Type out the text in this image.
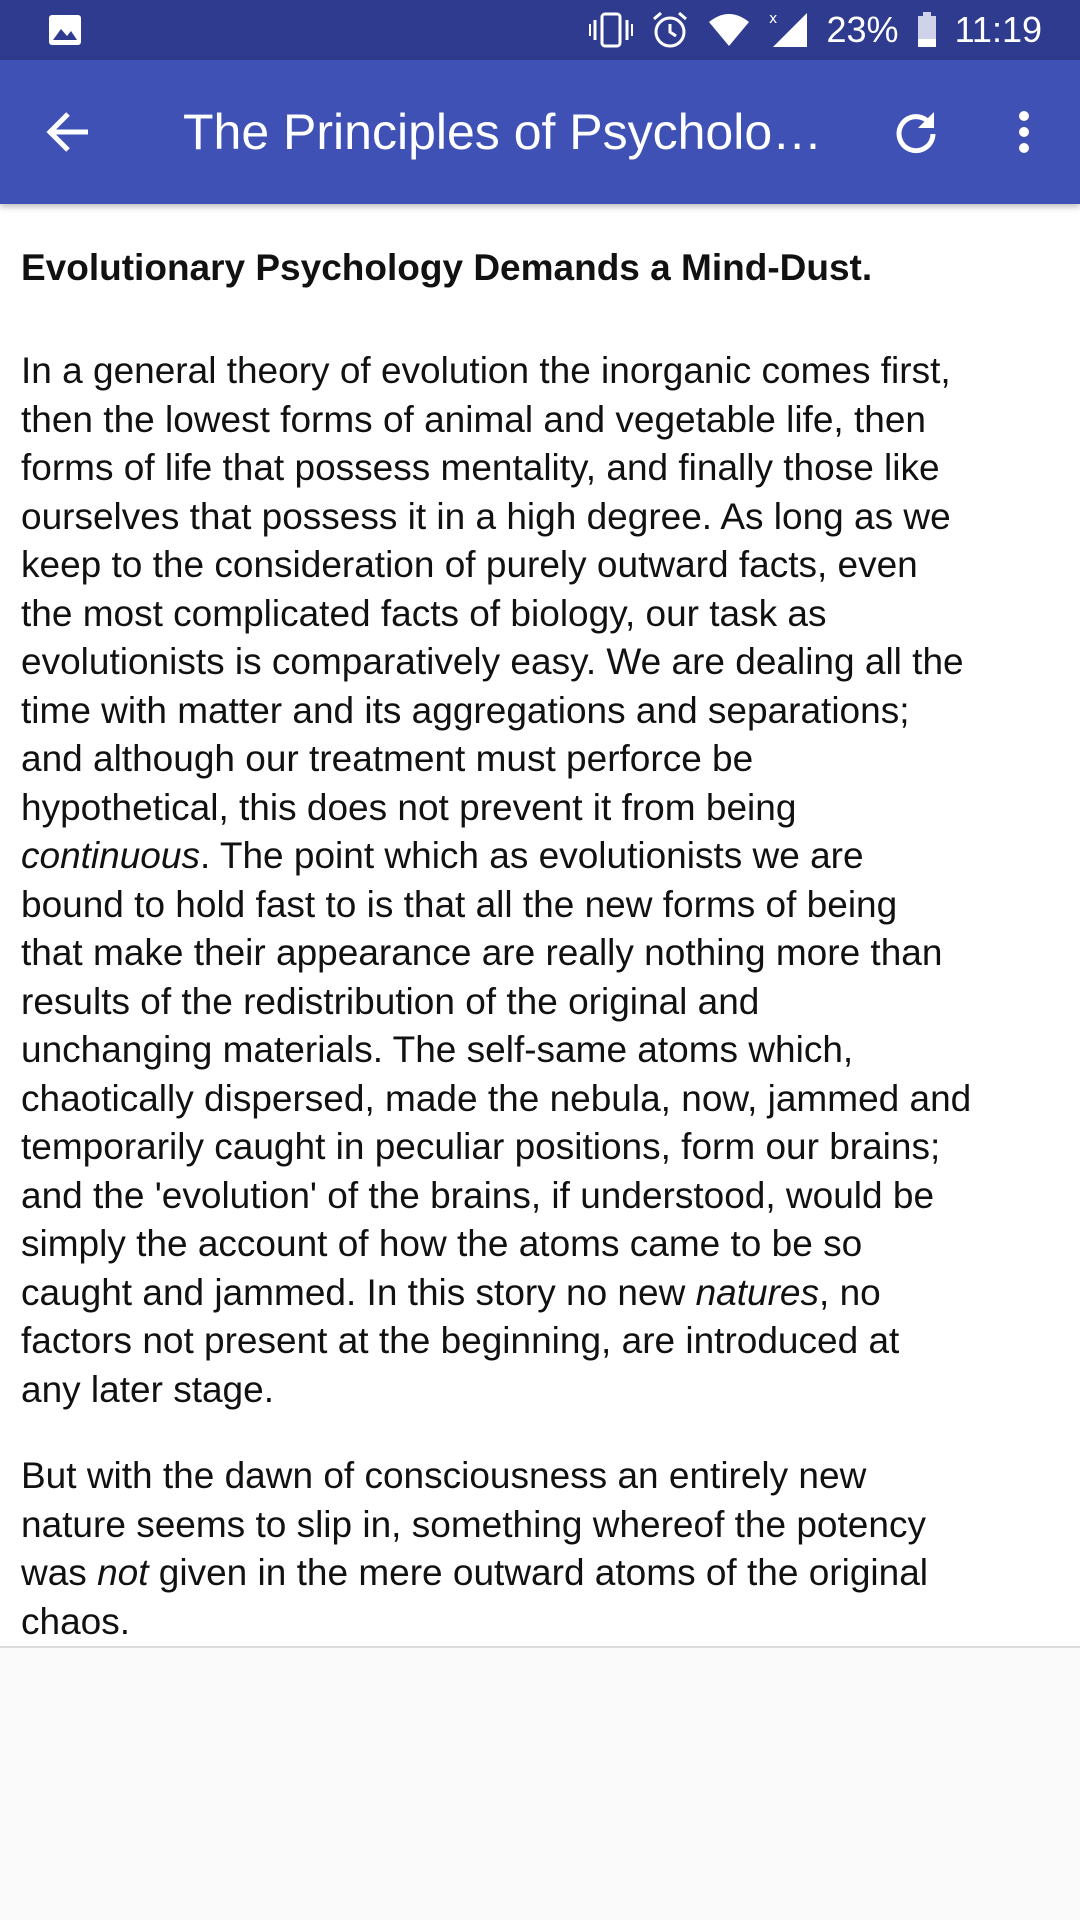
x 23% 11:19
The Principles of Psycholo…
Evolutionary Psychology Demands a Mind-Dust.

In a general theory of evolution the inorganic comes first,
then the lowest forms of animal and vegetable life, then
forms of life that possess mentality, and finally those like
ourselves that possess it in a high degree. As long as we
keep to the consideration of purely outward facts, even
the most complicated facts of biology, our task as
evolutionists is comparatively easy. We are dealing all the
time with matter and its aggregations and separations;
and although our treatment must perforce be
hypothetical, this does not prevent it from being
continuous. The point which as evolutionists we are
bound to hold fast to is that all the new forms of being
that make their appearance are really nothing more than
results of the redistribution of the original and
unchanging materials. The self-same atoms which,
chaotically dispersed, made the nebula, now, jammed and
temporarily caught in peculiar positions, form our brains;
and the 'evolution' of the brains, if understood, would be
simply the account of how the atoms came to be so
caught and jammed. In this story no new natures, no
factors not present at the beginning, are introduced at
any later stage.

But with the dawn of consciousness an entirely new
nature seems to slip in, something whereof the potency
was not given in the mere outward atoms of the original
chaos.
